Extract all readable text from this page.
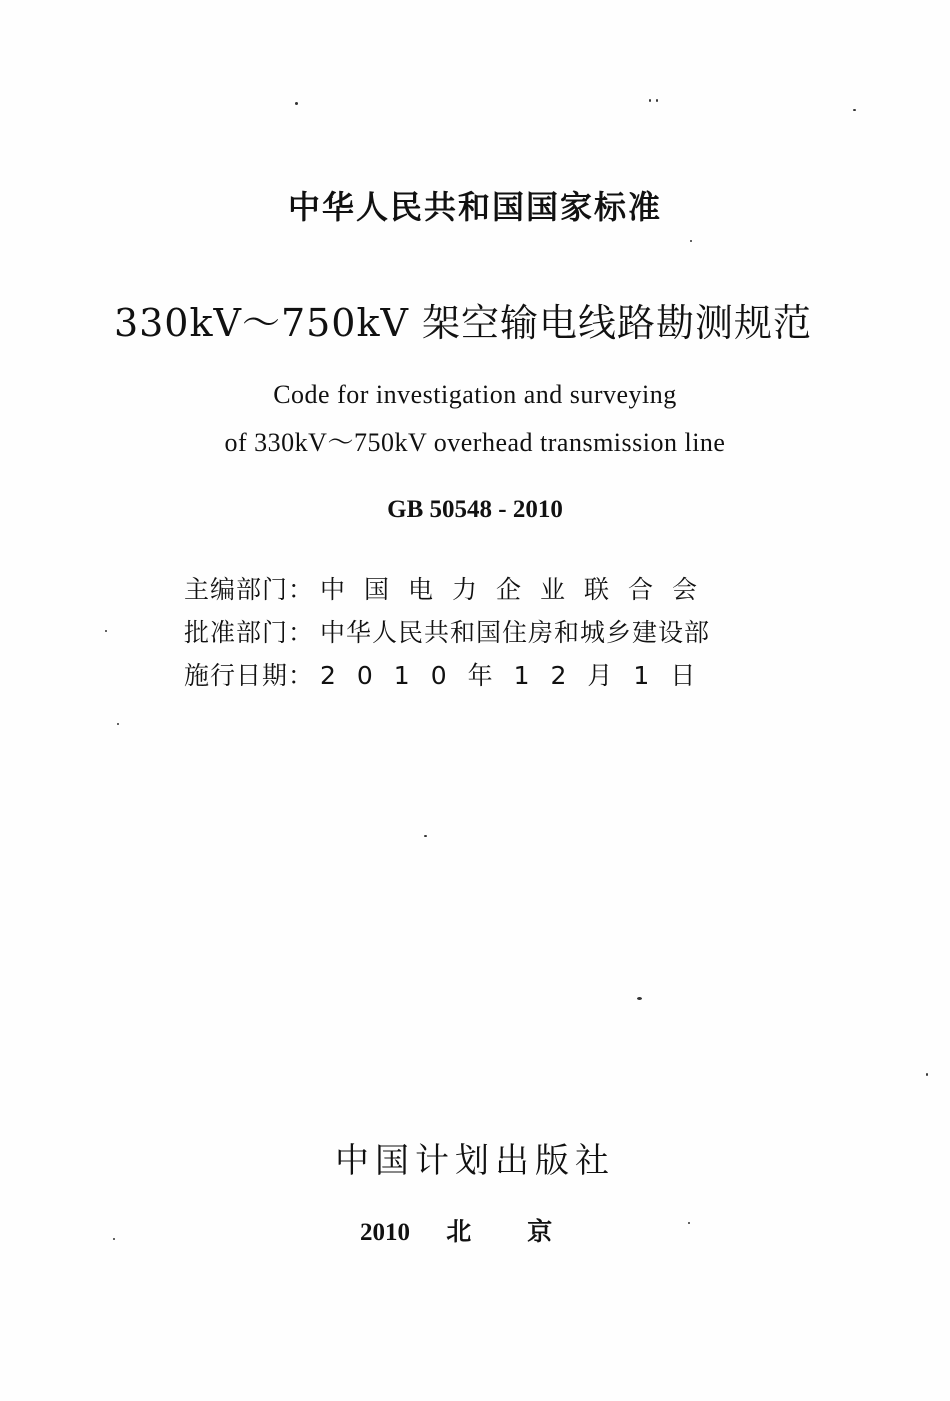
中华人民共和国国家标准
330kV～750kV 架空输电线路勘测规范
Code for investigation and surveying
of 330kV～750kV overhead transmission line
GB 50548 - 2010
主编部门： 中国电力企业联合会
批准部门： 中华人民共和国住房和城乡建设部
施行日期： 2010年12月1日
中国计划出版社
2010 北京
